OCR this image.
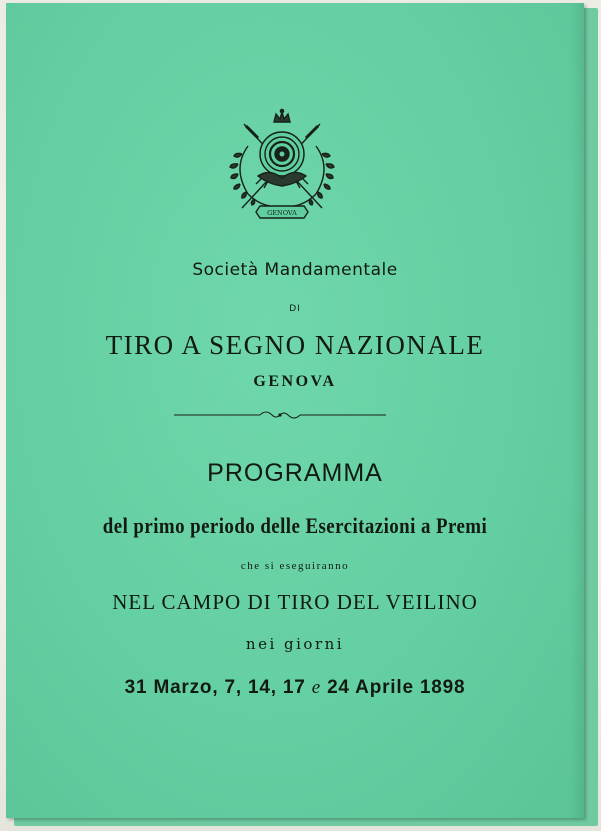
GENOVA
Società Mandamentale
DI
TIRO A SEGNO NAZIONALE
GENOVA
PROGRAMMA
del primo periodo delle Esercitazioni a Premi
che si eseguiranno
NEL CAMPO DI TIRO DEL VEILINO
nei giorni
31 Marzo, 7, 14, 17 e 24 Aprile 1898
